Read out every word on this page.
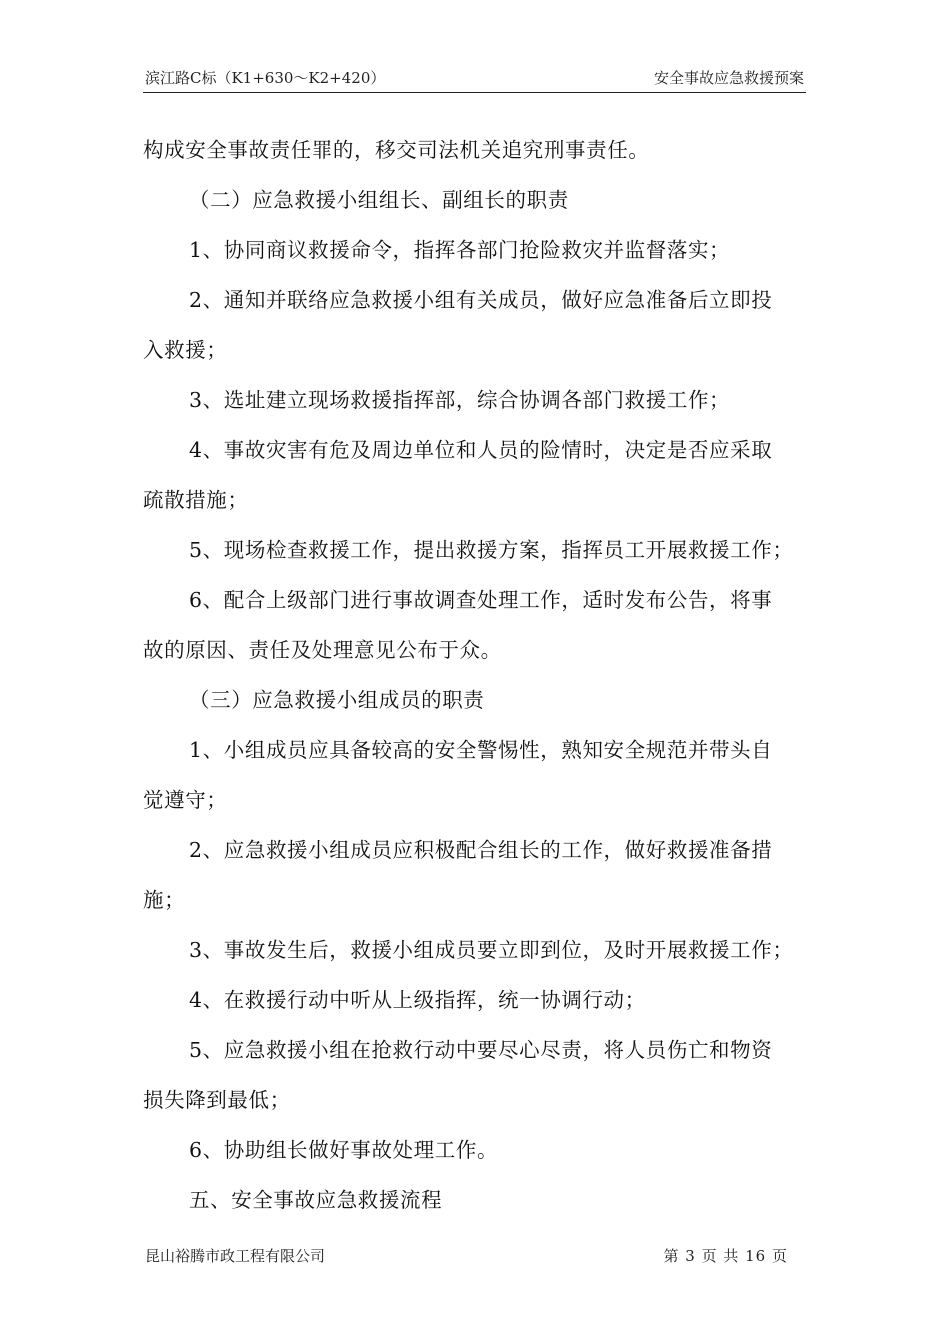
滨江路C标（K1+630～K2+420）	安全事故应急救援预案
构成安全事故责任罪的，移交司法机关追究刑事责任。
（二）应急救援小组组长、副组长的职责
1、协同商议救援命令，指挥各部门抢险救灾并监督落实；
2、通知并联络应急救援小组有关成员，做好应急准备后立即投
入救援；
3、选址建立现场救援指挥部，综合协调各部门救援工作；
4、事故灾害有危及周边单位和人员的险情时，决定是否应采取
疏散措施；
5、现场检查救援工作，提出救援方案，指挥员工开展救援工作；
6、配合上级部门进行事故调查处理工作，适时发布公告，将事
故的原因、责任及处理意见公布于众。
（三）应急救援小组成员的职责
1、小组成员应具备较高的安全警惕性，熟知安全规范并带头自
觉遵守；
2、应急救援小组成员应积极配合组长的工作，做好救援准备措
施；
3、事故发生后，救援小组成员要立即到位，及时开展救援工作；
4、在救援行动中听从上级指挥，统一协调行动；
5、应急救援小组在抢救行动中要尽心尽责，将人员伤亡和物资
损失降到最低；
6、协助组长做好事故处理工作。
五、安全事故应急救援流程
昆山裕腾市政工程有限公司	第 3 页 共 16 页
